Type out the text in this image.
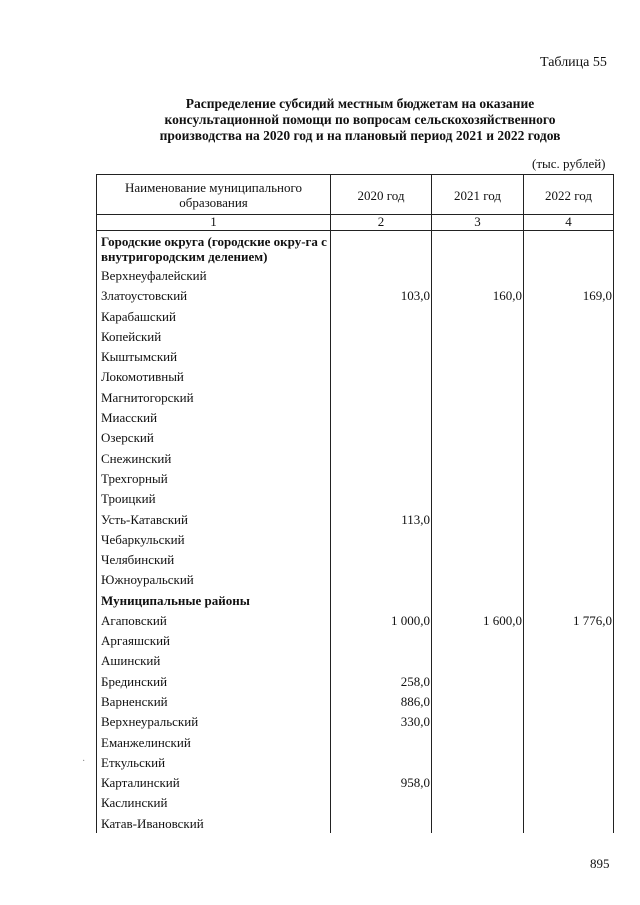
Таблица 55
Распределение субсидий местным бюджетам на оказание консультационной помощи по вопросам сельскохозяйственного производства на 2020 год и на плановый период 2021 и 2022 годов
(тыс. рублей)
Наименование муниципального образования	2020 год	2021 год	2022 год
1	2	3	4
Городские округа (городские окру-га с внутригородским делением)
Верхнеуфалейский
Златоустовский	103,0	160,0	169,0
Карабашский
Копейский
Кыштымский
Локомотивный
Магнитогорский
Миасский
Озерский
Снежинский
Трехгорный
Троицкий
Усть-Катавский	113,0
Чебаркульский
Челябинский
Южноуральский
Муниципальные районы
Агаповский	1 000,0	1 600,0	1 776,0
Аргаяшский
Ашинский
Брединский	258,0
Варненский	886,0
Верхнеуральский	330,0
Еманжелинский
Еткульский
Карталинский	958,0
Каслинский
Катав-Ивановский
·
895
